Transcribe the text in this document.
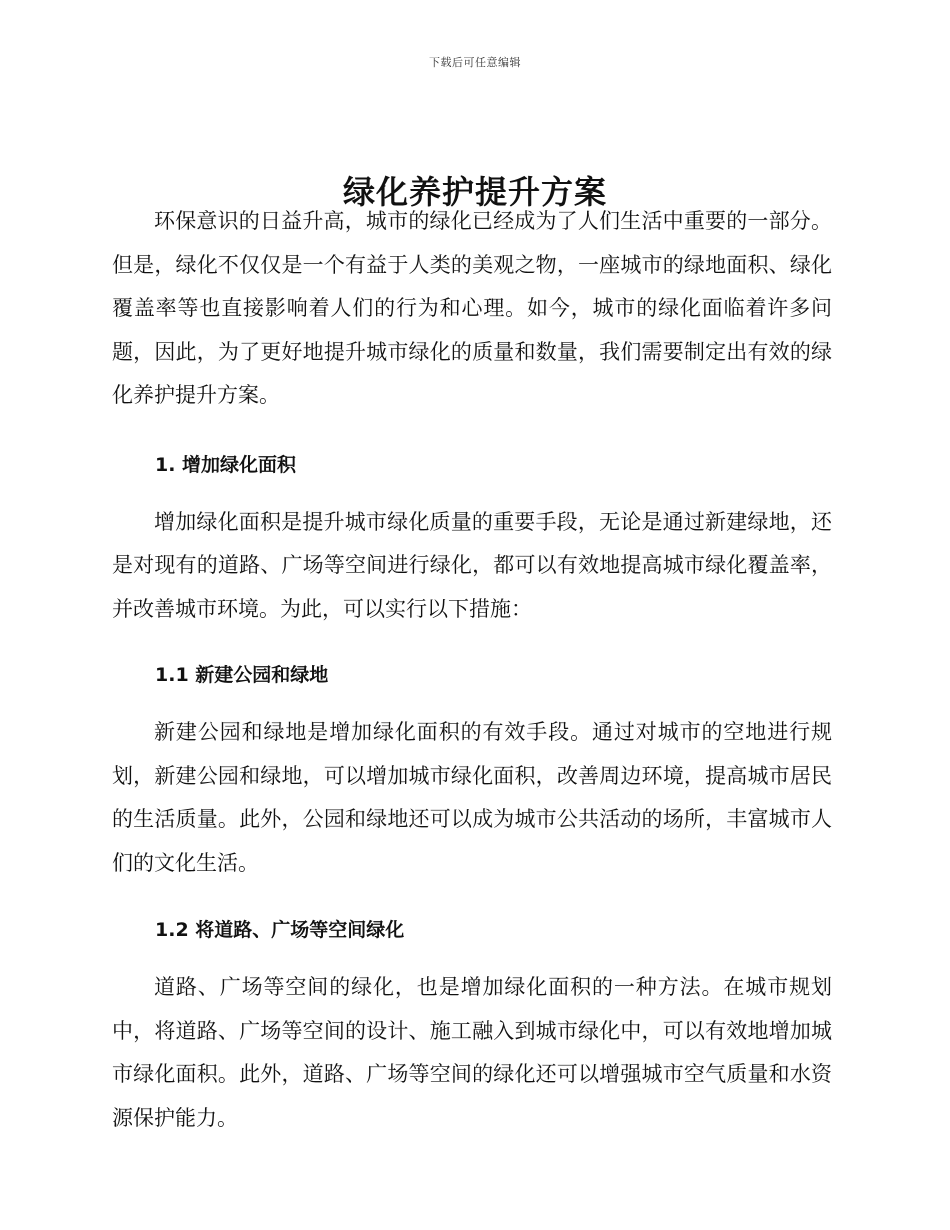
下载后可任意编辑
绿化养护提升方案

环保意识的日益升高，城市的绿化已经成为了人们生活中重要的一部分。但是，绿化不仅仅是一个有益于人类的美观之物，一座城市的绿地面积、绿化覆盖率等也直接影响着人们的行为和心理。如今，城市的绿化面临着许多问题，因此，为了更好地提升城市绿化的质量和数量，我们需要制定出有效的绿化养护提升方案。

1. 增加绿化面积

增加绿化面积是提升城市绿化质量的重要手段，无论是通过新建绿地，还是对现有的道路、广场等空间进行绿化，都可以有效地提高城市绿化覆盖率，并改善城市环境。为此，可以实行以下措施：

1.1 新建公园和绿地

新建公园和绿地是增加绿化面积的有效手段。通过对城市的空地进行规划，新建公园和绿地，可以增加城市绿化面积，改善周边环境，提高城市居民的生活质量。此外，公园和绿地还可以成为城市公共活动的场所，丰富城市人们的文化生活。

1.2 将道路、广场等空间绿化

道路、广场等空间的绿化，也是增加绿化面积的一种方法。在城市规划中，将道路、广场等空间的设计、施工融入到城市绿化中，可以有效地增加城市绿化面积。此外，道路、广场等空间的绿化还可以增强城市空气质量和水资源保护能力。
